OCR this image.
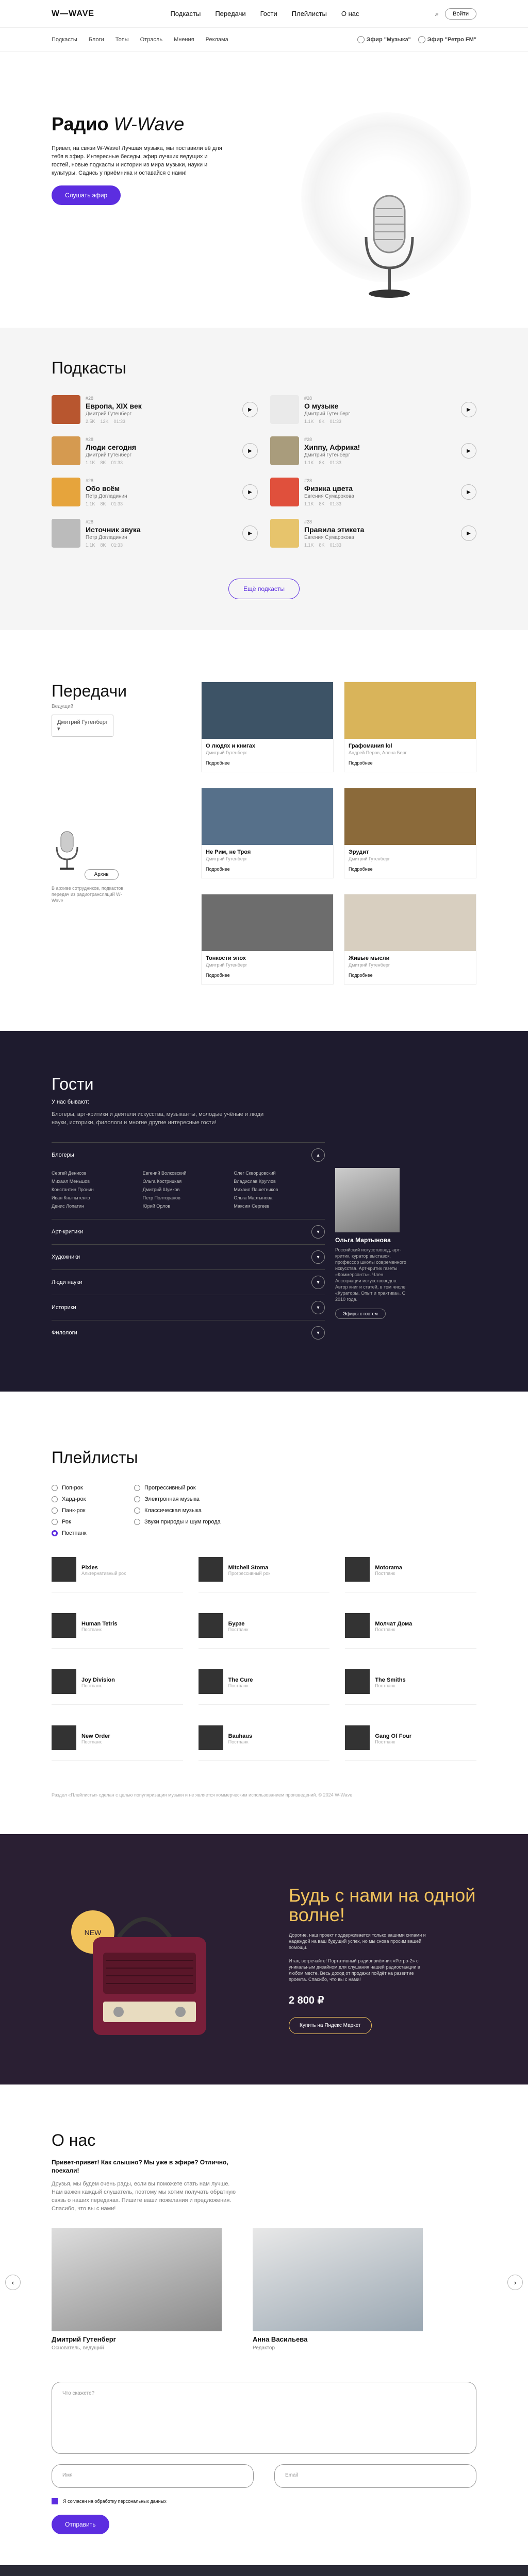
W—WAVE	Подкасты Передачи Гости Плейлисты О нас	⌕	Войти
Подкасты Блоги Топы Отрасль Мнения Реклама	Эфир "Музыка"	Эфир "Ретро FM"
Радио W-Wave

Привет, на связи W-Wave! Лучшая музыка, мы поставили её для тебя в эфир. Интересные беседы, эфир лучших ведущих и гостей, новые подкасты и истории из мира музыки, науки и культуры. Садись у приёмника и оставайся с нами!

Слушать эфир
Подкасты
#28
Европа, XIX век
Дмитрий Гутенберг
2.5K 12K 01:33
▶
#28
О музыке
Дмитрий Гутенберг
1.1K 8K 01:33
▶
#28
Люди сегодня
Дмитрий Гутенберг
1.1K 8K 01:33
▶
#28
Хиппу, Африка!
Дмитрий Гутенберг
1.1K 8K 01:33
▶
#28
Обо всём
Петр Догладинин
1.1K 8K 01:33
▶
#28
Физика цвета
Евгения Сумарокова
1.1K 8K 01:33
▶
#28
Источник звука
Петр Догладинин
1.1K 8K 01:33
▶
#28
Правила этикета
Евгения Сумарокова
1.1K 8K 01:33
▶
Ещё подкасты
Передачи
Ведущий
Дмитрий Гутенберг ▾
Архив

В архиве сотрудников, подкастов, передач из радиотрансляций W-Wave

О людях и книгах
Дмитрий Гутенберг
Подробнее
Графомания lol
Андрей Перов, Алена Берг
Подробнее
Не Рим, не Троя
Дмитрий Гутенберг
Подробнее
Эрудит
Дмитрий Гутенберг
Подробнее
Тонкости эпох
Дмитрий Гутенберг
Подробнее
Живые мысли
Дмитрий Гутенберг
Подробнее
Гости
У нас бывают:

Блогеры, арт-критики и деятели искусства, музыканты, молодые учёные и люди науки, историки, филологи и многие другие интересные гости!

Блогеры	▴
Сергей Денисов	Евгений Волковский	Олег Скворцовский
Михаил Меньшов	Ольга Кострицкая	Владислав Круглов
Константин Пронин	Дмитрий Шумков	Михаил Пашетников
Иван Кныпытенко	Петр Полторанов	Ольга Мартынова
Денис Лопатин	Юрий Орлов	Максим Сергеев
Арт-критики	▾
Художники	▾
Люди науки	▾
Историки	▾
Филологи	▾
Ольга Мартынова

Российский искусствовед, арт-критик, куратор выставок, профессор школы современного искусства. Арт-критик газеты «Коммерсантъ». Член Ассоциации искусствоведов. Автор книг и статей, в том числе «Кураторы. Опыт и практика». С 2010 года.

Эфиры с гостем
Плейлисты
Поп-рок	Прогрессивный рок
Хард-рок	Электронная музыка
Панк-рок	Классическая музыка
Рок	Звуки природы и шум города
Постпанк
Pixies
Альтернативный рок
Mitchell Stoma
Прогрессивный рок
Motorama
Постпанк
Human Tetris
Постпанк
Бурзе
Постпанк
Молчат Дома
Постпанк
Joy Division
Постпанк
The Cure
Постпанк
The Smiths
Постпанк
New Order
Постпанк
Bauhaus
Постпанк
Gang Of Four
Постпанк

Раздел «Плейлисты» сделан с целью популяризации музыки и не является коммерческим использованием произведений. © 2024 W-Wave

NEW
Будь с нами на одной волне!

Дорогие, наш проект поддерживается только вашими силами и надеждой на ваш будущий успех, но мы снова просим вашей помощи.

Итак, встречайте! Портативный радиоприёмник «Ретро-2» с уникальным дизайном для слушания нашей радиостанции в любом месте. Весь доход от продажи пойдёт на развитие проекта. Спасибо, что вы с нами!

2 800 ₽
Купить на Яндекс Маркет
О нас

Привет-привет! Как слышно? Мы уже в эфире? Отлично, поехали!

Друзья, мы будем очень рады, если вы поможете стать нам лучше. Нам важен каждый слушатель, поэтому мы хотим получать обратную связь о наших передачах. Пишите ваши пожелания и предложения. Спасибо, что вы с нами!

‹
Дмитрий Гутенберг
Основатель, ведущий
Анна Васильева
Редактор
›
Что скажете?
Имя	Email
Я согласен на обработку персональных данных
Отправить
